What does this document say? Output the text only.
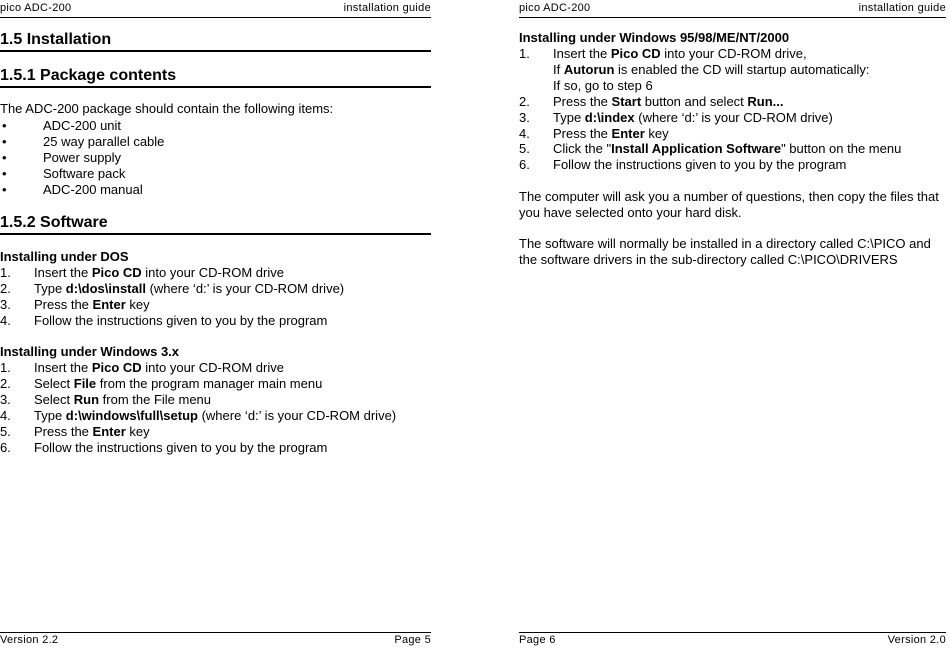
pico ADC-200	installation guide
1.5 Installation
1.5.1 Package contents
The ADC-200 package should contain the following items:
•	ADC-200 unit
•	25 way parallel cable
•	Power supply
•	Software pack
•	ADC-200 manual
1.5.2 Software
Installing under DOS
1. Insert the Pico CD into your CD-ROM drive
2. Type d:\dos\install (where ‘d:’ is your CD-ROM drive)
3. Press the Enter key
4. Follow the instructions given to you by the program
Installing under Windows 3.x
1. Insert the Pico CD into your CD-ROM drive
2. Select File from the program manager main menu
3. Select Run from the File menu
4. Type d:\windows\full\setup (where ‘d:’ is your CD-ROM drive)
5. Press the Enter key
6. Follow the instructions given to you by the program
Version 2.2	Page 5
pico ADC-200	installation guide
Installing under Windows 95/98/ME/NT/2000
1. Insert the Pico CD into your CD-ROM drive,
If Autorun is enabled the CD will startup automatically:
If so, go to step 6
2. Press the Start button and select Run...
3. Type d:\index (where ‘d:’ is your CD-ROM drive)
4. Press the Enter key
5. Click the "Install Application Software" button on the menu
6. Follow the instructions given to you by the program
The computer will ask you a number of questions, then copy the files that you have selected onto your hard disk.
The software will normally be installed in a directory called C:\PICO and the software drivers in the sub-directory called C:\PICO\DRIVERS
Page 6	Version 2.0
